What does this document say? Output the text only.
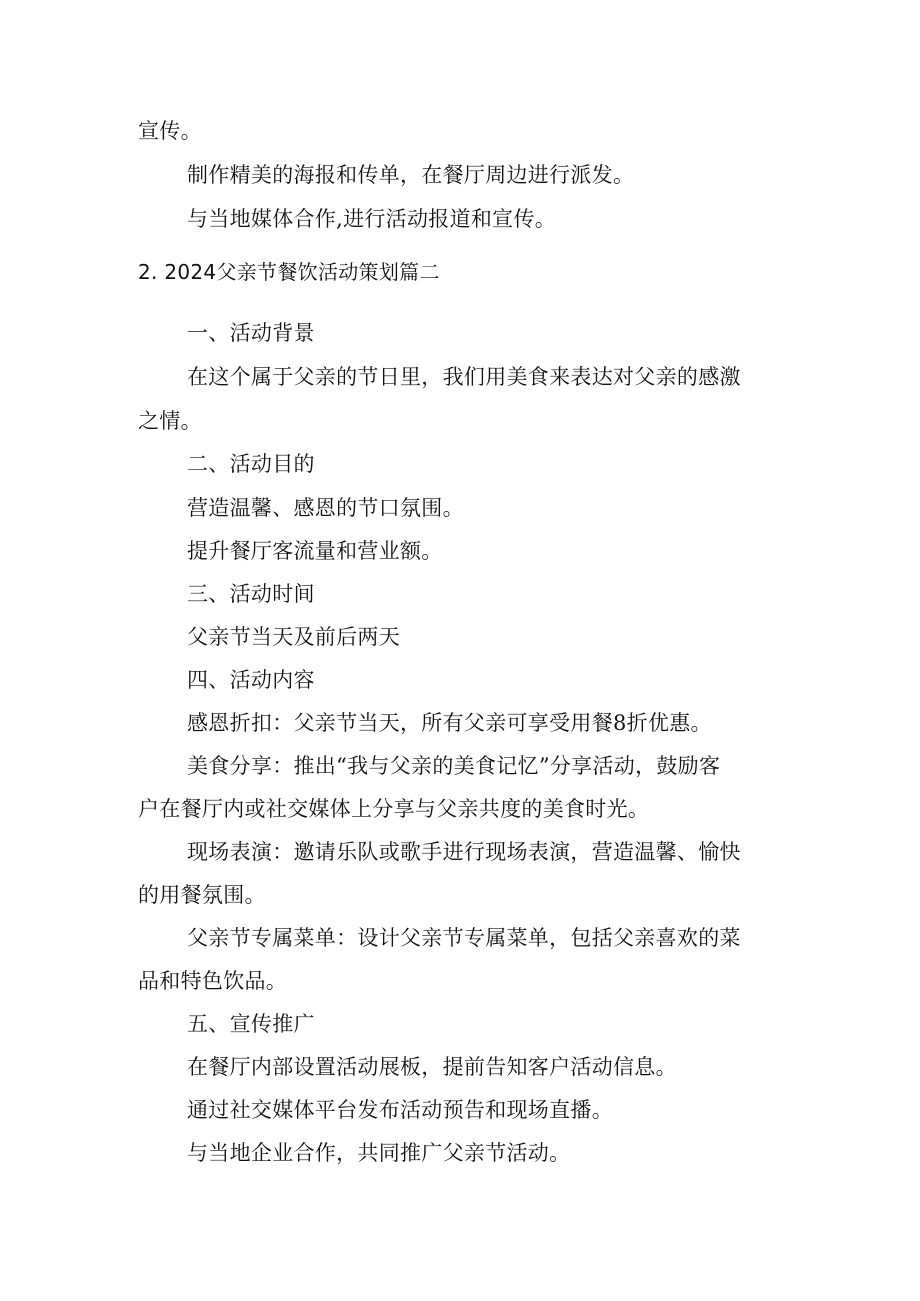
宣传。
制作精美的海报和传单，在餐厅周边进行派发。
与当地媒体合作,进行活动报道和宣传。
2. 2024父亲节餐饮活动策划篇二
一、活动背景
在这个属于父亲的节日里，我们用美食来表达对父亲的感激
之情。
二、活动目的
营造温馨、感恩的节口氛围。
提升餐厅客流量和营业额。
三、活动时间
父亲节当天及前后两天
四、活动内容
感恩折扣：父亲节当天，所有父亲可享受用餐8折优惠。
美食分享：推出“我与父亲的美食记忆”分享活动，鼓励客
户在餐厅内或社交媒体上分享与父亲共度的美食时光。
现场表演：邀请乐队或歌手进行现场表演，营造温馨、愉快
的用餐氛围。
父亲节专属菜单：设计父亲节专属菜单，包括父亲喜欢的菜
品和特色饮品。
五、宣传推广
在餐厅内部设置活动展板，提前告知客户活动信息。
通过社交媒体平台发布活动预告和现场直播。
与当地企业合作，共同推广父亲节活动。
